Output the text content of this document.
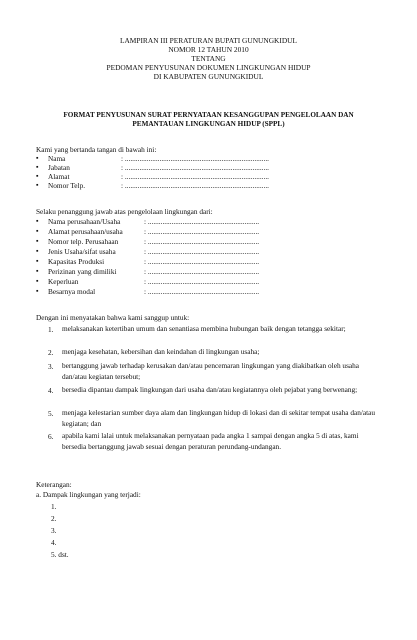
LAMPIRAN III PERATURAN BUPATI GUNUNGKIDUL
NOMOR 12 TAHUN 2010
TENTANG
PEDOMAN PENYUSUNAN DOKUMEN LINGKUNGAN HIDUP
DI KABUPATEN GUNUNGKIDUL
FORMAT PENYUSUNAN SURAT PERNYATAAN KESANGGUPAN PENGELOLAAN DAN
PEMANTAUAN LINGKUNGAN HIDUP (SPPL)
Kami yang bertanda tangan di bawah ini:
▪ Nama	: ...............................................................................
▪ Jabatan	: ...............................................................................
▪ Alamat	: ...............................................................................
▪ Nomor Telp.	: ...............................................................................
Selaku penanggung jawab atas pengelolaan lingkungan dari:
▪ Nama perusahaan/Usaha	: .............................................................
▪ Alamat perusahaan/usaha	: .............................................................
▪ Nomor telp. Perusahaan	: .............................................................
▪ Jenis Usaha/sifat usaha	: .............................................................
▪ Kapasitas Produksi	: .............................................................
▪ Perizinan yang dimiliki	: .............................................................
▪ Keperluan	: .............................................................
▪ Besarnya modal	: .............................................................
Dengan ini menyatakan bahwa kami sanggup untuk:
1. melaksanakan ketertiban umum dan senantiasa membina hubungan baik dengan tetangga sekitar;
2. menjaga kesehatan, kebersihan dan keindahan di lingkungan usaha;
3. bertanggung jawab terhadap kerusakan dan/atau pencemaran lingkungan yang diakibatkan oleh usaha dan/atau kegiatan tersebut;
4. bersedia dipantau dampak lingkungan dari usaha dan/atau kegiatannya oleh pejabat yang berwenang;
5. menjaga kelestarian sumber daya alam dan lingkungan hidup di lokasi dan di sekitar tempat usaha dan/atau kegiatan; dan
6. apabila kami lalai untuk melaksanakan pernyataan pada angka 1 sampai dengan angka 5 di atas, kami bersedia bertanggung jawab sesuai dengan peraturan perundang-undangan.
Keterangan:
a. Dampak lingkungan yang terjadi:
1.
2.
3.
4.
5. dst.
